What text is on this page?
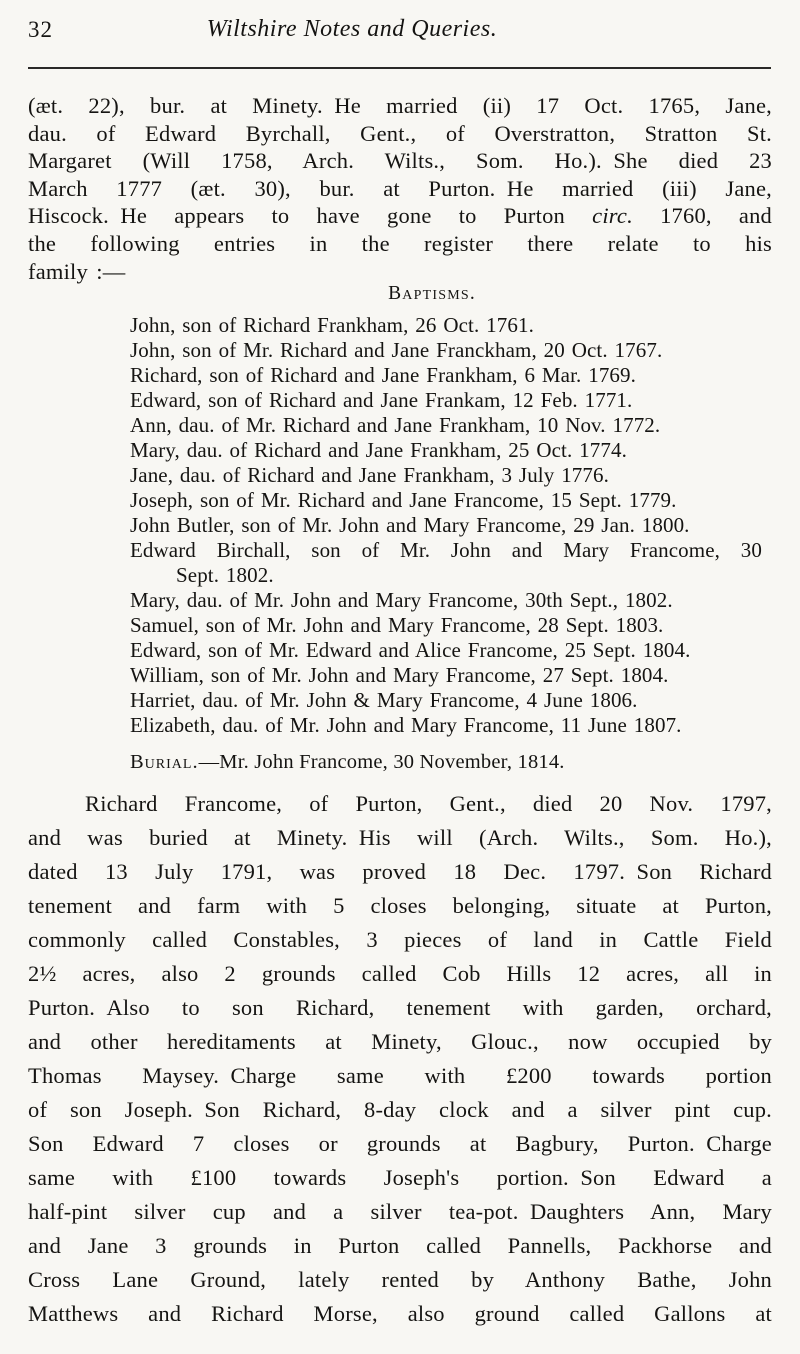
32	Wiltshire Notes and Queries.
(æt. 22), bur. at Minety. He married (ii) 17 Oct. 1765, Jane,
dau. of Edward Byrchall, Gent., of Overstratton, Stratton St.
Margaret (Will 1758, Arch. Wilts., Som. Ho.). She died 23
March 1777 (æt. 30), bur. at Purton. He married (iii) Jane,
Hiscock. He appears to have gone to Purton circ. 1760, and
the following entries in the register there relate to his
family :—
Baptisms.
John, son of Richard Frankham, 26 Oct. 1761.
John, son of Mr. Richard and Jane Franckham, 20 Oct. 1767.
Richard, son of Richard and Jane Frankham, 6 Mar. 1769.
Edward, son of Richard and Jane Frankam, 12 Feb. 1771.
Ann, dau. of Mr. Richard and Jane Frankham, 10 Nov. 1772.
Mary, dau. of Richard and Jane Frankham, 25 Oct. 1774.
Jane, dau. of Richard and Jane Frankham, 3 July 1776.
Joseph, son of Mr. Richard and Jane Francome, 15 Sept. 1779.
John Butler, son of Mr. John and Mary Francome, 29 Jan. 1800.
Edward Birchall, son of Mr. John and Mary Francome, 30
Sept. 1802.
Mary, dau. of Mr. John and Mary Francome, 30th Sept., 1802.
Samuel, son of Mr. John and Mary Francome, 28 Sept. 1803.
Edward, son of Mr. Edward and Alice Francome, 25 Sept. 1804.
William, son of Mr. John and Mary Francome, 27 Sept. 1804.
Harriet, dau. of Mr. John & Mary Francome, 4 June 1806.
Elizabeth, dau. of Mr. John and Mary Francome, 11 June 1807.
Burial.—Mr. John Francome, 30 November, 1814.
Richard Francome, of Purton, Gent., died 20 Nov. 1797,
and was buried at Minety. His will (Arch. Wilts., Som. Ho.),
dated 13 July 1791, was proved 18 Dec. 1797. Son Richard
tenement and farm with 5 closes belonging, situate at Purton,
commonly called Constables, 3 pieces of land in Cattle Field
2½ acres, also 2 grounds called Cob Hills 12 acres, all in
Purton. Also to son Richard, tenement with garden, orchard,
and other hereditaments at Minety, Glouc., now occupied by
Thomas Maysey. Charge same with £200 towards portion
of son Joseph. Son Richard, 8-day clock and a silver pint cup.
Son Edward 7 closes or grounds at Bagbury, Purton. Charge
same with £100 towards Joseph's portion. Son Edward a
half-pint silver cup and a silver tea-pot. Daughters Ann, Mary
and Jane 3 grounds in Purton called Pannells, Packhorse and
Cross Lane Ground, lately rented by Anthony Bathe, John
Matthews and Richard Morse, also ground called Gallons at
